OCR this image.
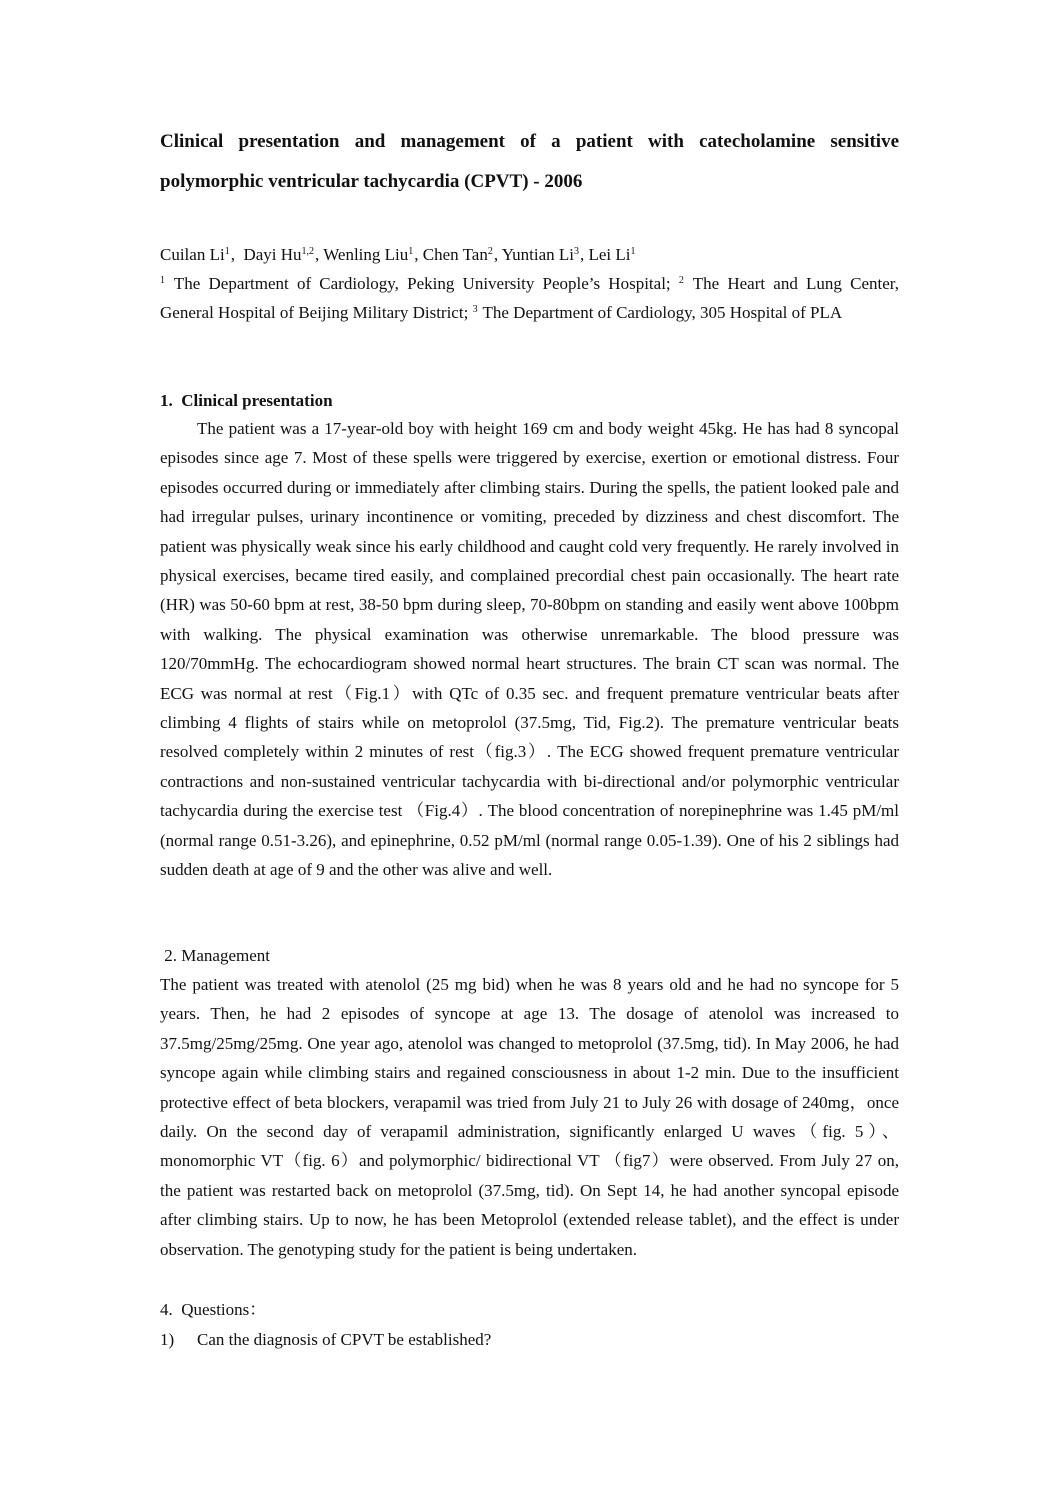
Clinical presentation and management of a patient with catecholamine sensitive polymorphic ventricular tachycardia (CPVT) - 2006

Cuilan Li$^1$,  Dayi Hu$^{1,2}$, Wenling Liu$^1$, Chen Tan$^2$, Yuntian Li$^3$, Lei Li$^1$

$^1$ The Department of Cardiology, Peking University People’s Hospital; $^2$ The Heart and Lung Center, General Hospital of Beijing Military District; $^3$ The Department of Cardiology, 305 Hospital of PLA

1.  Clinical presentation

The patient was a 17-year-old boy with height 169 cm and body weight 45kg. He has had 8 syncopal episodes since age 7. Most of these spells were triggered by exercise, exertion or emotional distress. Four episodes occurred during or immediately after climbing stairs. During the spells, the patient looked pale and had irregular pulses, urinary incontinence or vomiting, preceded by dizziness and chest discomfort. The patient was physically weak since his early childhood and caught cold very frequently. He rarely involved in physical exercises, became tired easily, and complained precordial chest pain occasionally. The heart rate (HR) was 50-60 bpm at rest, 38-50 bpm during sleep, 70-80bpm on standing and easily went above 100bpm with walking. The physical examination was otherwise unremarkable. The blood pressure was 120/70mmHg. The echocardiogram showed normal heart structures. The brain CT scan was normal. The ECG was normal at rest（Fig.1）with QTc of 0.35 sec. and frequent premature ventricular beats after climbing 4 flights of stairs while on metoprolol (37.5mg, Tid, Fig.2). The premature ventricular beats resolved completely within 2 minutes of rest（fig.3）. The ECG showed frequent premature ventricular contractions and non-sustained ventricular tachycardia with bi-directional and/or polymorphic ventricular tachycardia during the exercise test （Fig.4）. The blood concentration of norepinephrine was 1.45 pM/ml (normal range 0.51-3.26), and epinephrine, 0.52 pM/ml (normal range 0.05-1.39). One of his 2 siblings had sudden death at age of 9 and the other was alive and well.

2. Management

The patient was treated with atenolol (25 mg bid) when he was 8 years old and he had no syncope for 5 years. Then, he had 2 episodes of syncope at age 13. The dosage of atenolol was increased to 37.5mg/25mg/25mg. One year ago, atenolol was changed to metoprolol (37.5mg, tid). In May 2006, he had syncope again while climbing stairs and regained consciousness in about 1-2 min. Due to the insufficient protective effect of beta blockers, verapamil was tried from July 21 to July 26 with dosage of 240mg，once daily. On the second day of verapamil administration, significantly enlarged U waves（fig. 5）、monomorphic VT（fig. 6）and polymorphic/ bidirectional VT （fig7）were observed. From July 27 on, the patient was restarted back on metoprolol (37.5mg, tid). On Sept 14, he had another syncopal episode after climbing stairs. Up to now, he has been Metoprolol (extended release tablet), and the effect is under observation. The genotyping study for the patient is being undertaken.

4.  Questions：

1) Can the diagnosis of CPVT be established?
